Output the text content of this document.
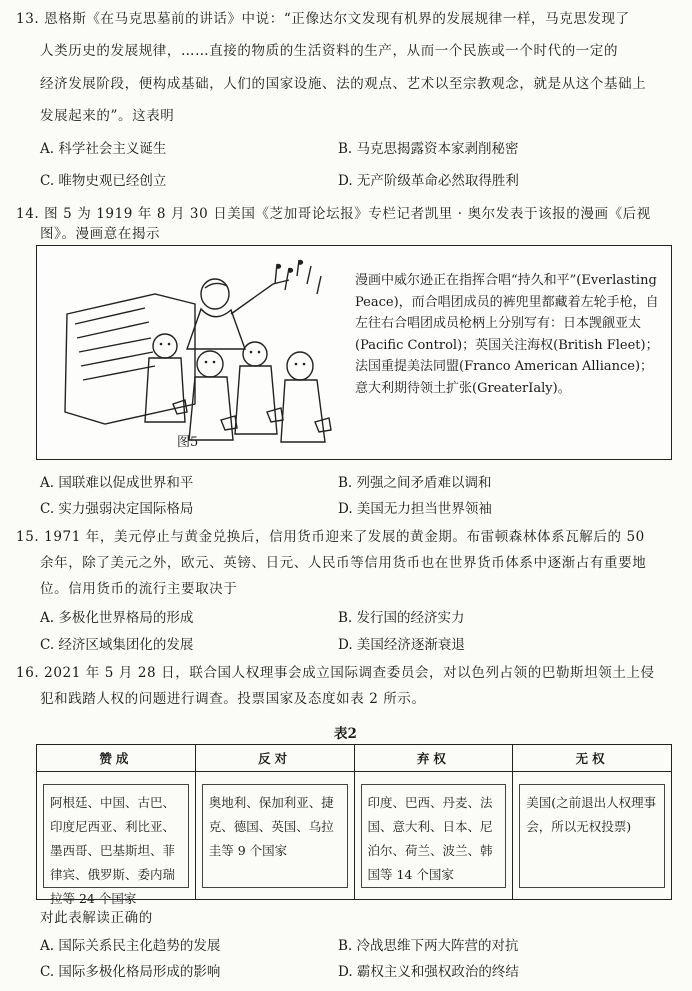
13. 恩格斯《在马克思墓前的讲话》中说：“正像达尔文发现有机界的发展规律一样，马克思发现了
人类历史的发展规律，……直接的物质的生活资料的生产，从而一个民族或一个时代的一定的
经济发展阶段，便构成基础，人们的国家设施、法的观点、艺术以至宗教观念，就是从这个基础上
发展起来的”。这表明
A. 科学社会主义诞生	B. 马克思揭露资本家剥削秘密
C. 唯物史观已经创立	D. 无产阶级革命必然取得胜利
14. 图 5 为 1919 年 8 月 30 日美国《芝加哥论坛报》专栏记者凯里 · 奥尔发表于该报的漫画《后视
图》。漫画意在揭示
图5
漫画中威尔逊正在指挥合唱“持久和平”(Everlasting Peace)，而合唱团成员的裤兜里都藏着左轮手枪，自左往右合唱团成员枪柄上分别写有：日本觊觎亚太(Pacific Control)；英国关注海权(British Fleet)；法国重提美法同盟(Franco American Alliance)；意大利期待领土扩张(GreaterIaly)。
A. 国联难以促成世界和平	B. 列强之间矛盾难以调和
C. 实力强弱决定国际格局	D. 美国无力担当世界领袖
15. 1971 年，美元停止与黄金兑换后，信用货币迎来了发展的黄金期。布雷顿森林体系瓦解后的 50
余年，除了美元之外，欧元、英镑、日元、人民币等信用货币也在世界货币体系中逐渐占有重要地
位。信用货币的流行主要取决于
A. 多极化世界格局的形成	B. 发行国的经济实力
C. 经济区域集团化的发展	D. 美国经济逐渐衰退
16. 2021 年 5 月 28 日，联合国人权理事会成立国际调查委员会，对以色列占领的巴勒斯坦领土上侵
犯和践踏人权的问题进行调查。投票国家及态度如表 2 所示。
表2
赞成	反对	弃权	无权

阿根廷、中国、古巴、印度尼西亚、利比亚、墨西哥、巴基斯坦、菲律宾、俄罗斯、委内瑞拉等 24 个国家	奥地利、保加利亚、捷克、德国、英国、乌拉圭等 9 个国家	印度、巴西、丹麦、法国、意大利、日本、尼泊尔、荷兰、波兰、韩国等 14 个国家	美国(之前退出人权理事会，所以无权投票)
对此表解读正确的
A. 国际关系民主化趋势的发展	B. 冷战思维下两大阵营的对抗
C. 国际多极化格局形成的影响	D. 霸权主义和强权政治的终结
